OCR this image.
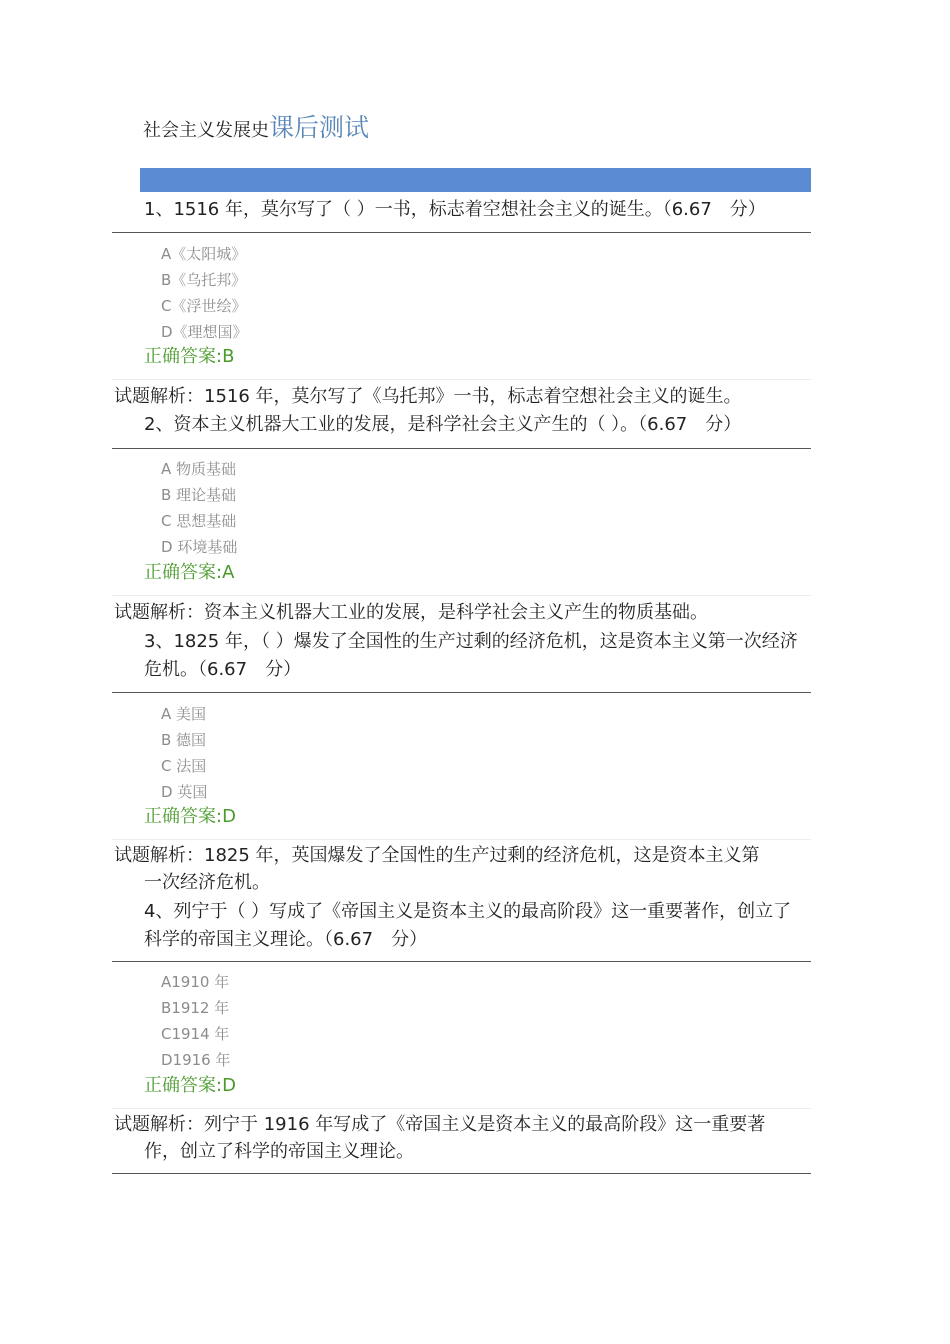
社会主义发展史课后测试
1、1516 年，莫尔写了（ ）一书，标志着空想社会主义的诞生。（6.67　分）
A《太阳城》
B《乌托邦》
C《浮世绘》
D《理想国》
正确答案:B
试题解析：1516 年，莫尔写了《乌托邦》一书，标志着空想社会主义的诞生。
2、资本主义机器大工业的发展，是科学社会主义产生的（ ）。（6.67　分）
A 物质基础
B 理论基础
C 思想基础
D 环境基础
正确答案:A
试题解析：资本主义机器大工业的发展，是科学社会主义产生的物质基础。
3、1825 年，（ ）爆发了全国性的生产过剩的经济危机，这是资本主义第一次经济危机。（6.67　分）
A 美国
B 德国
C 法国
D 英国
正确答案:D
试题解析：1825 年，英国爆发了全国性的生产过剩的经济危机，这是资本主义第
一次经济危机。
4、列宁于（ ）写成了《帝国主义是资本主义的最高阶段》这一重要著作，创立了科学的帝国主义理论。（6.67　分）
A1910 年
B1912 年
C1914 年
D1916 年
正确答案:D
试题解析：列宁于 1916 年写成了《帝国主义是资本主义的最高阶段》这一重要著
作，创立了科学的帝国主义理论。
